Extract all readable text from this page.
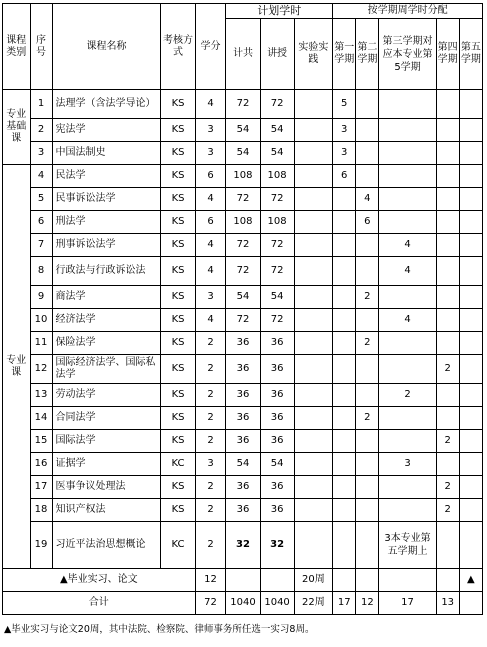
课程类别	序号	课程名称	考核方式	学分	计划学时			按学期周学时分配				
					计共	讲授	实验实践	第一学期	第二学期	第三学期对应本专业第5学期	第四学期	第五学期
专业基础课	1	法理学（含法学导论）	KS	4	72	72		5				
	2	宪法学	KS	3	54	54		3				
	3	中国法制史	KS	3	54	54		3				
专业课	4	民法学	KS	6	108	108		6				
	5	民事诉讼法学	KS	4	72	72			4			
	6	刑法学	KS	6	108	108			6			
	7	刑事诉讼法学	KS	4	72	72				4		
	8	行政法与行政诉讼法	KS	4	72	72				4		
	9	商法学	KS	3	54	54			2			
	10	经济法学	KS	4	72	72				4		
	11	保险法学	KS	2	36	36			2			
	12	国际经济法学、国际私法学	KS	2	36	36					2	
	13	劳动法学	KS	2	36	36				2		
	14	合同法学	KS	2	36	36			2			
	15	国际法学	KS	2	36	36					2	
	16	证据学	KC	3	54	54				3		
	17	医事争议处理法	KS	2	36	36					2	
	18	知识产权法	KS	2	36	36					2	
	19	习近平法治思想概论	KC	2	32	32				3本专业第五学期上		
▲毕业实习、论文				12			20周					▲
合计				72	1040	1040	22周	17	12	17	13	
▲毕业实习与论文20周，其中法院、检察院、律师事务所任选一实习8周。
